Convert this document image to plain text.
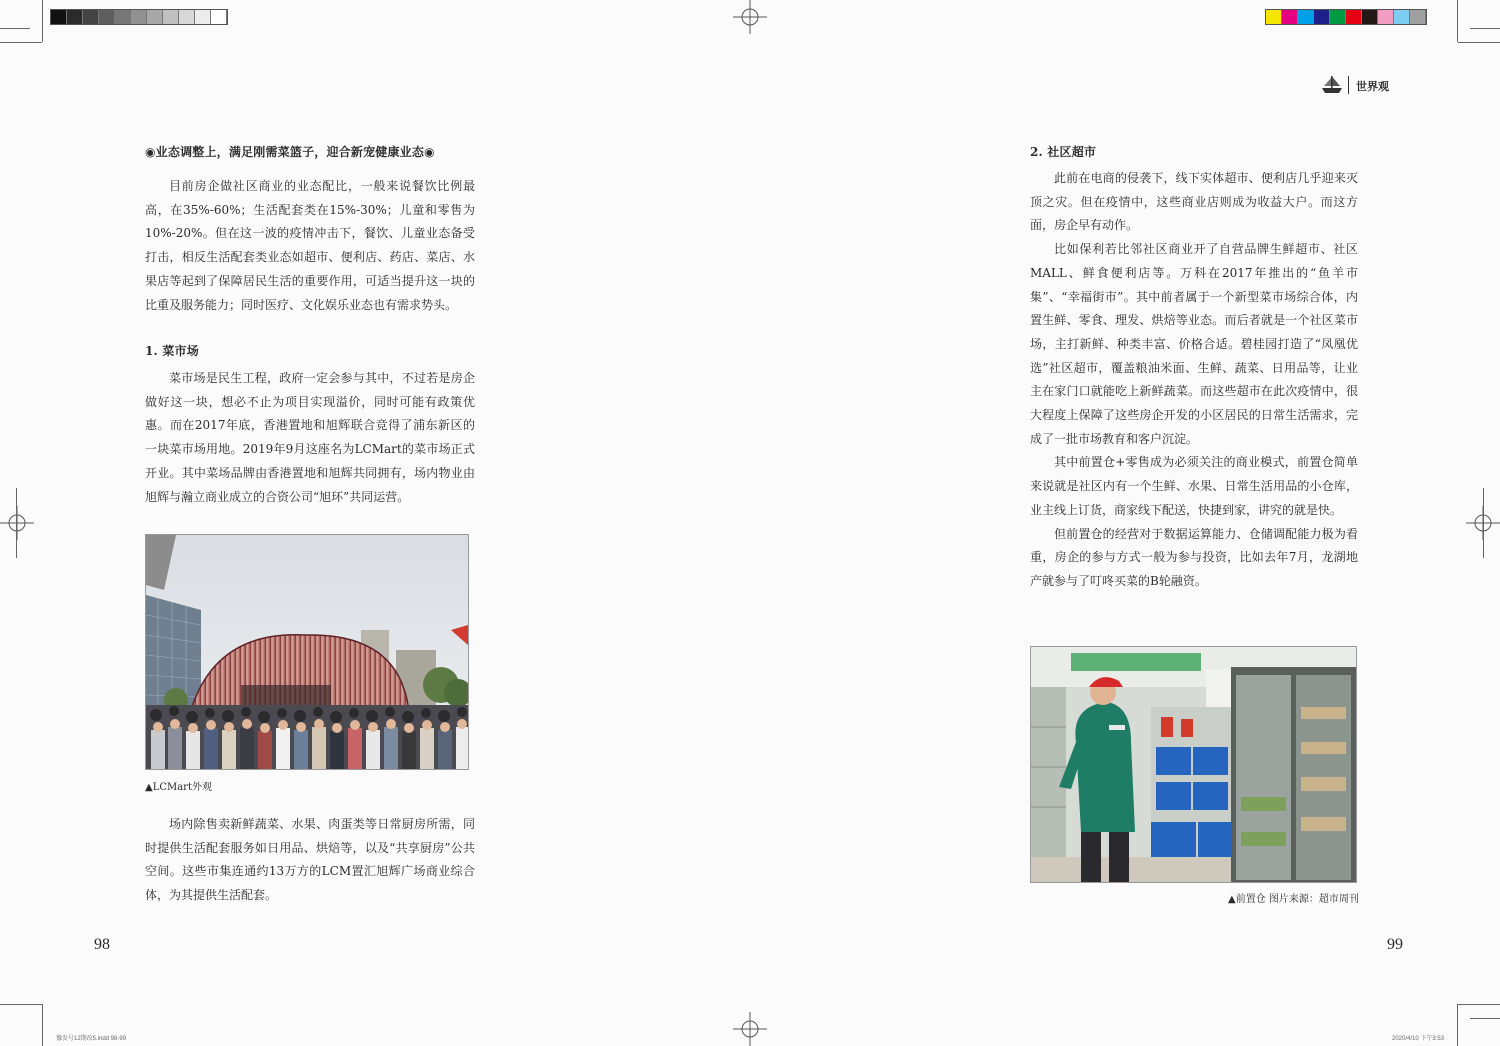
世界观
◉业态调整上，满足刚需菜篮子，迎合新宠健康业态◉

目前房企做社区商业的业态配比，一般来说餐饮比例最高，在35%-60%；生活配套类在15%-30%；儿童和零售为10%-20%。但在这一波的疫情冲击下，餐饮、儿童业态备受打击，相反生活配套类业态如超市、便利店、药店、菜店、水果店等起到了保障居民生活的重要作用，可适当提升这一块的比重及服务能力；同时医疗、文化娱乐业态也有需求势头。

1. 菜市场

菜市场是民生工程，政府一定会参与其中，不过若是房企做好这一块，想必不止为项目实现溢价，同时可能有政策优惠。而在2017年底，香港置地和旭辉联合竞得了浦东新区的一块菜市场用地。2019年9月这座名为LCMart的菜市场正式开业。其中菜场品牌由香港置地和旭辉共同拥有，场内物业由旭辉与瀚立商业成立的合资公司“旭环”共同运营。

▲LCMart外观

场内除售卖新鲜蔬菜、水果、肉蛋类等日常厨房所需，同时提供生活配套服务如日用品、烘焙等，以及“共享厨房”公共空间。这些市集连通约13万方的LCM置汇旭辉广场商业综合体，为其提供生活配套。

98
2. 社区超市

此前在电商的侵袭下，线下实体超市、便利店几乎迎来灭顶之灾。但在疫情中，这些商业店则成为收益大户。而这方面，房企早有动作。

比如保利若比邻社区商业开了自营品牌生鲜超市、社区MALL、鲜食便利店等。万科在2017年推出的“鱼羊市集”、“幸福街市”。其中前者属于一个新型菜市场综合体，内置生鲜、零食、理发、烘焙等业态。而后者就是一个社区菜市场，主打新鲜、种类丰富、价格合适。碧桂园打造了“凤凰优选”社区超市，覆盖粮油米面、生鲜、蔬菜、日用品等，让业主在家门口就能吃上新鲜蔬菜。而这些超市在此次疫情中，很大程度上保障了这些房企开发的小区居民的日常生活需求，完成了一批市场教育和客户沉淀。

其中前置仓+零售成为必须关注的商业模式，前置仓简单来说就是社区内有一个生鲜、水果、日常生活用品的小仓库，业主线上订货，商家线下配送，快捷到家，讲究的就是快。

但前置仓的经营对于数据运算能力、仓储调配能力极为看重，房企的参与方式一般为参与投资，比如去年7月，龙湖地产就参与了叮咚买菜的B轮融资。

▲前置仓 图片来源：超市周刊
99
豫发号12期改5.indd 98-99	2020/4/10 下午3:53
